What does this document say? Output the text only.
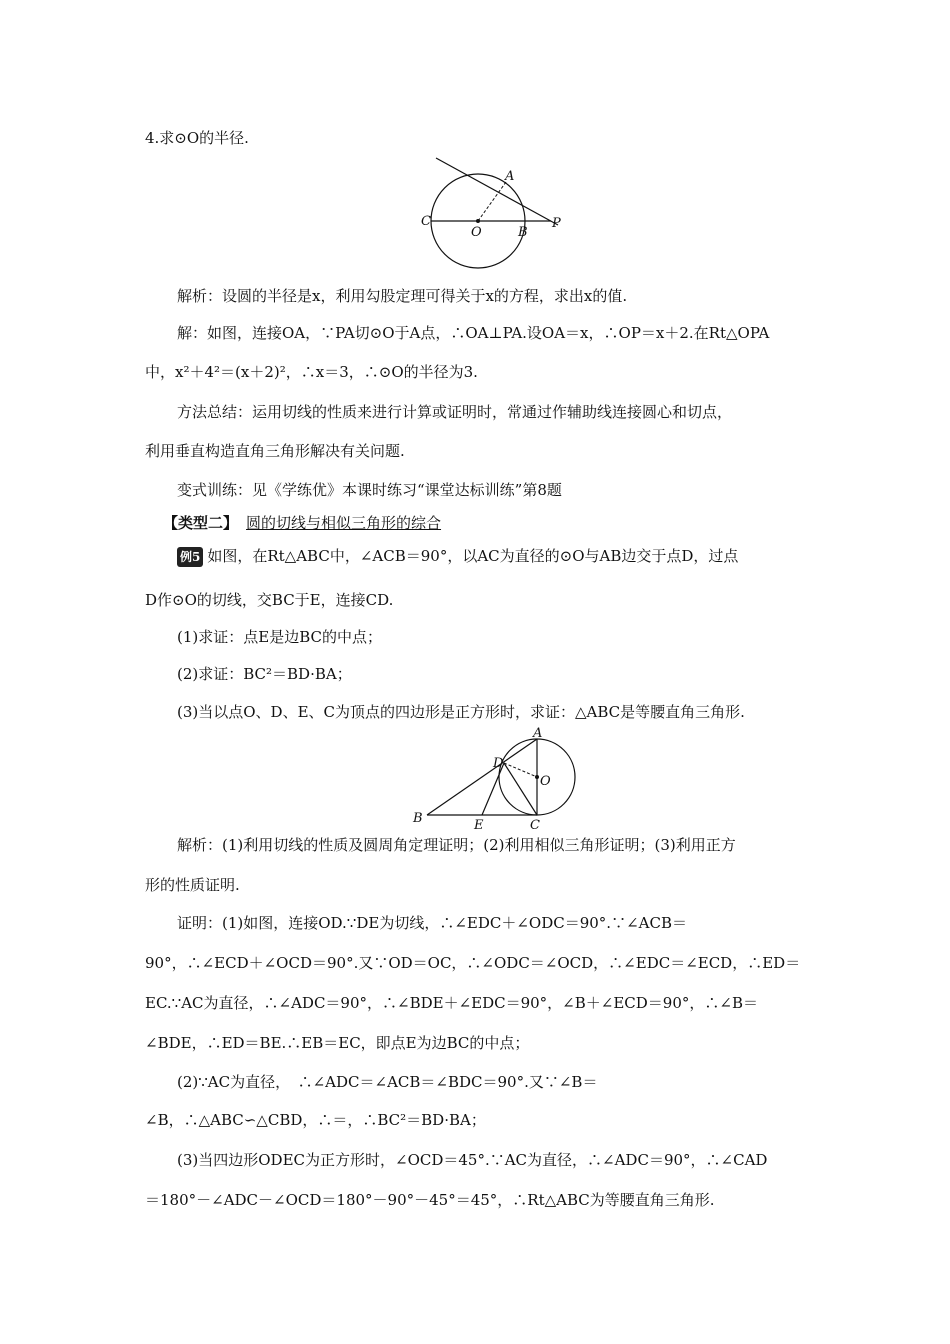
4.求⊙O的半径.
A
C
O	B
P
解析：设圆的半径是x，利用勾股定理可得关于x的方程，求出x的值.
解：如图，连接OA，∵PA切⊙O于A点，∴OA⊥PA.设OA＝x，∴OP＝x＋2.在Rt△OPA
中，x²＋4²＝(x＋2)²，∴x＝3，∴⊙O的半径为3.
方法总结：运用切线的性质来进行计算或证明时，常通过作辅助线连接圆心和切点，
利用垂直构造直角三角形解决有关问题.
变式训练：见《学练优》本课时练习“课堂达标训练”第8题
【类型二】 圆的切线与相似三角形的综合
例5 如图，在Rt△ABC中，∠ACB＝90°，以AC为直径的⊙O与AB边交于点D，过点
D作⊙O的切线，交BC于E，连接CD.
(1)求证：点E是边BC的中点；
(2)求证：BC²＝BD·BA；
(3)当以点O、D、E、C为顶点的四边形是正方形时，求证：△ABC是等腰直角三角形.
A
D
O
B	E	C
解析：(1)利用切线的性质及圆周角定理证明；(2)利用相似三角形证明；(3)利用正方
形的性质证明.
证明：(1)如图，连接OD.∵DE为切线，∴∠EDC＋∠ODC＝90°.∵∠ACB＝
90°，∴∠ECD＋∠OCD＝90°.又∵OD＝OC，∴∠ODC＝∠OCD，∴∠EDC＝∠ECD，∴ED＝
EC.∵AC为直径，∴∠ADC＝90°，∴∠BDE＋∠EDC＝90°，∠B＋∠ECD＝90°，∴∠B＝
∠BDE，∴ED＝BE.∴EB＝EC，即点E为边BC的中点；
(2)∵AC为直径，　∴∠ADC＝∠ACB＝∠BDC＝90°.又∵∠B＝
∠B，∴△ABC∽△CBD，∴＝，∴BC²＝BD·BA；
(3)当四边形ODEC为正方形时，∠OCD＝45°.∵AC为直径，∴∠ADC＝90°，∴∠CAD
＝180°－∠ADC－∠OCD＝180°－90°－45°＝45°，∴Rt△ABC为等腰直角三角形.
